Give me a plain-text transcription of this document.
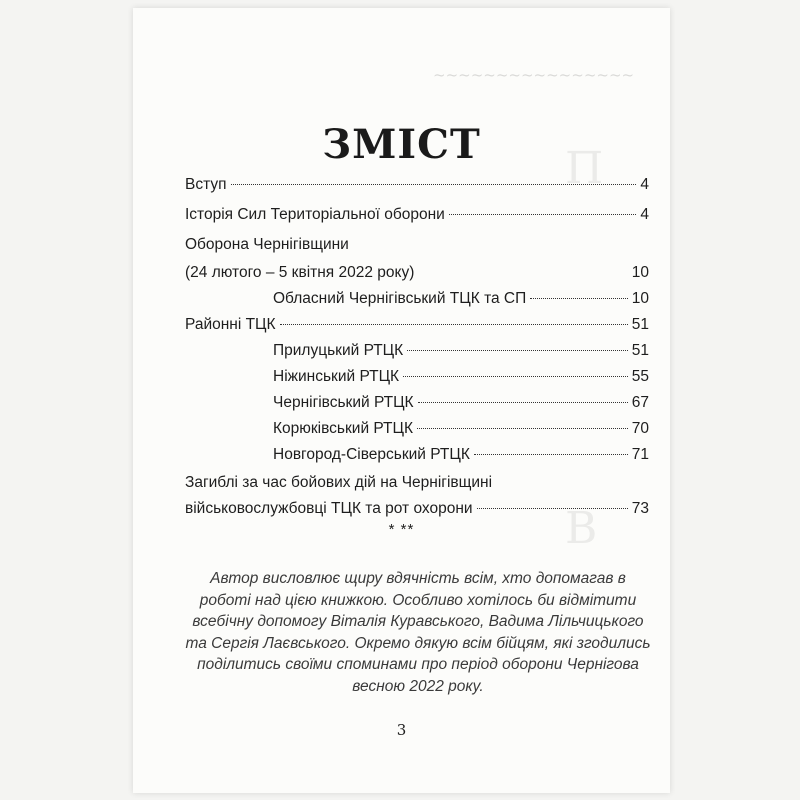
~~~~~~~~~~~~~~~~
П
В
ЗМІСТ
Вступ	4
Історія Сил Територіальної оборони	4
Оборона Чернігівщини
(24 лютого – 5 квітня 2022 року)	10
Обласний Чернігівський ТЦК та СП	10
Районні ТЦК	51
Прилуцький РТЦК	51
Ніжинський РТЦК	55
Чернігівський РТЦК	67
Корюківський РТЦК	70
Новгород-Сіверський РТЦК	71
Загиблі за час бойових дій на Чернігівщині
військовослужбовці ТЦК та рот охорони	73
* **

Автор висловлює щиру вдячність всім, хто допомагав в роботі над цією книжкою. Особливо хотілось би відмітити всебічну допомогу Віталія Куравського, Вадима Лільчицького та Сергія Лаєвського. Окремо дякую всім бійцям, які згодились поділитись своїми споминами про період оборони Чернігова весною 2022 року.

3
